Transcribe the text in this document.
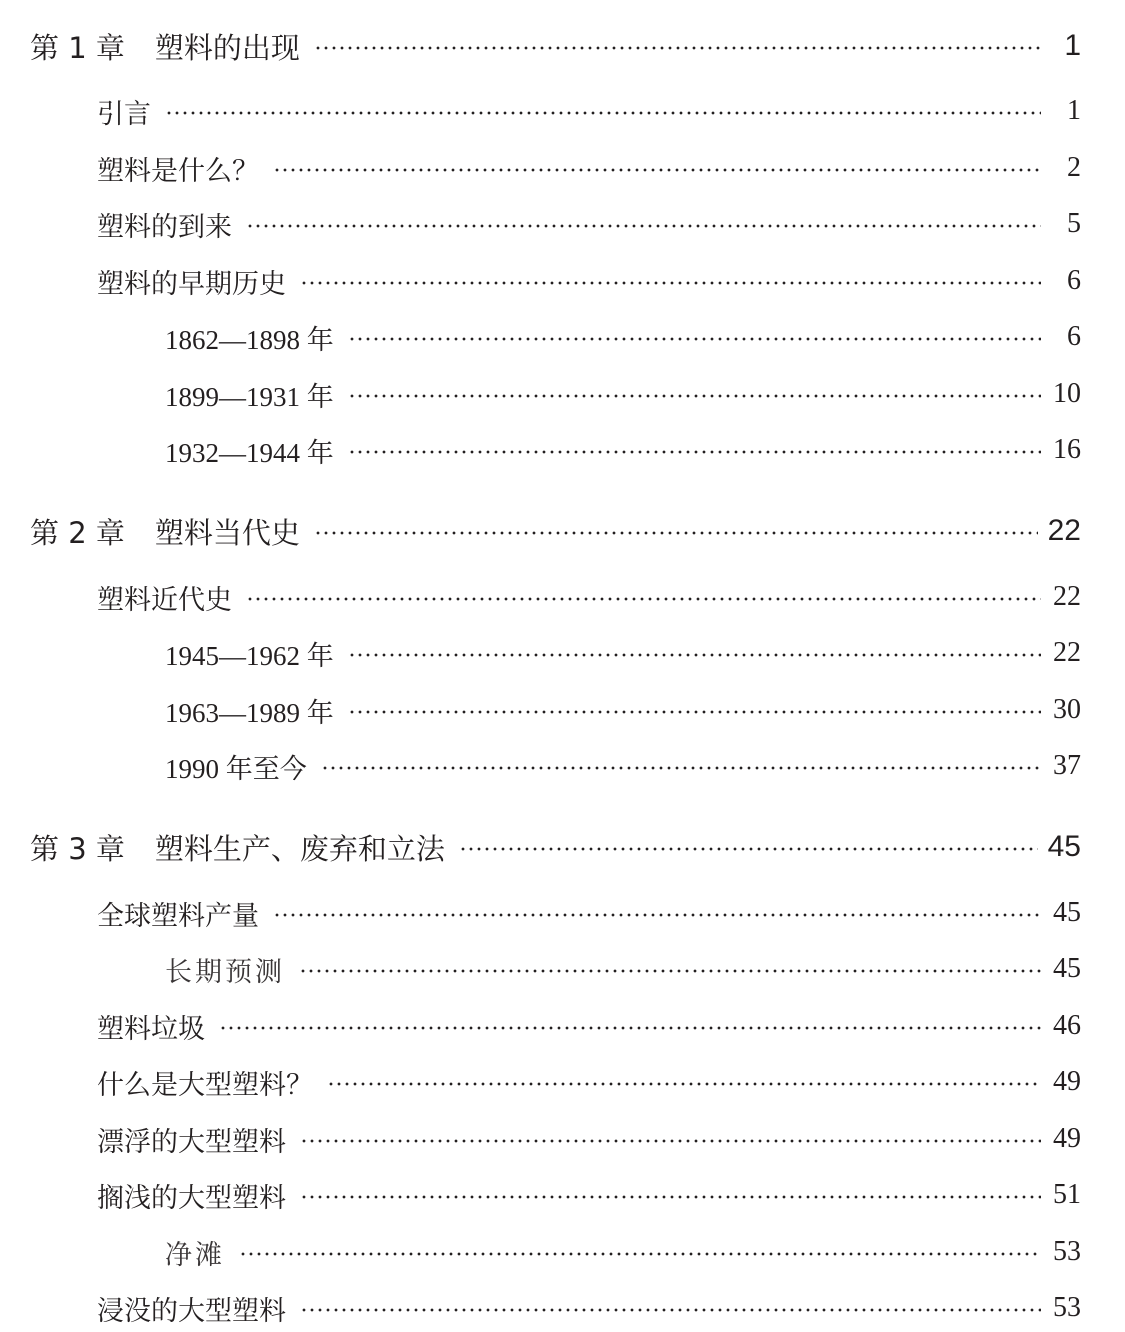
第 1 章 塑料的出现	1
引言	1
塑料是什么？	2
塑料的到来	5
塑料的早期历史	6
1862—1898 年	6
1899—1931 年	10
1932—1944 年	16
第 2 章 塑料当代史	22
塑料近代史	22
1945—1962 年	22
1963—1989 年	30
1990 年至今	37
第 3 章 塑料生产、废弃和立法	45
全球塑料产量	45
长期预测	45
塑料垃圾	46
什么是大型塑料？	49
漂浮的大型塑料	49
搁浅的大型塑料	51
净滩	53
浸没的大型塑料	53
